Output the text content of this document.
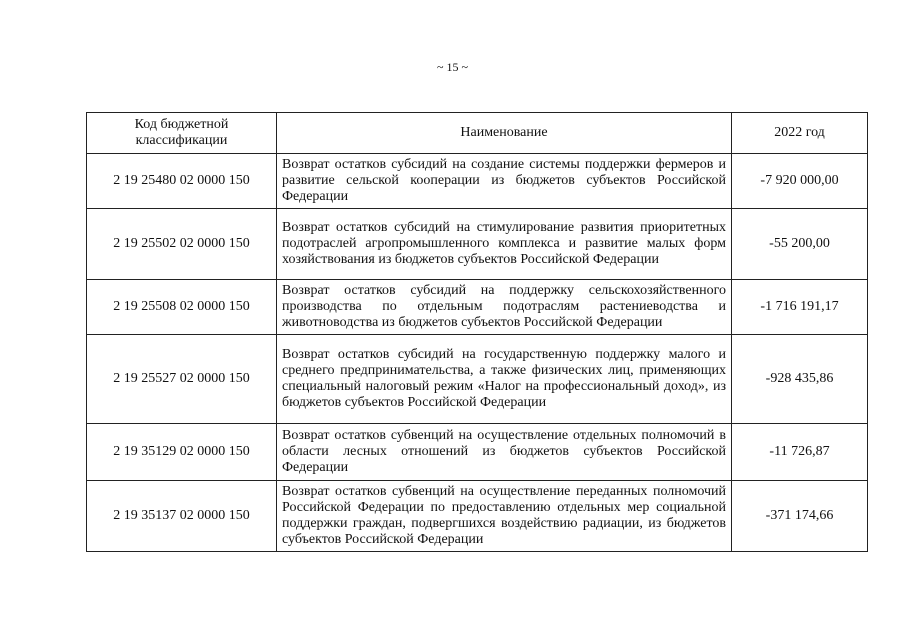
~ 15 ~
Код бюджетной классификации	Наименование	2022 год
2 19 25480 02 0000 150	Возврат остатков субсидий на создание системы поддержки фермеров и развитие сельской кооперации из бюджетов субъектов Российской Федерации	-7 920 000,00
2 19 25502 02 0000 150	Возврат остатков субсидий на стимулирование развития приоритетных подотраслей агропромышленного комплекса и развитие малых форм хозяйствования из бюджетов субъектов Российской Федерации	-55 200,00
2 19 25508 02 0000 150	Возврат остатков субсидий на поддержку сельскохозяйственного производства по отдельным подотраслям растениеводства и животноводства из бюджетов субъектов Российской Федерации	-1 716 191,17
2 19 25527 02 0000 150	Возврат остатков субсидий на государственную поддержку малого и среднего предпринимательства, а также физических лиц, применяющих специальный налоговый режим «Налог на профессиональный доход», из бюджетов субъектов Российской Федерации	-928 435,86
2 19 35129 02 0000 150	Возврат остатков субвенций на осуществление отдельных полномочий в области лесных отношений из бюджетов субъектов Российской Федерации	-11 726,87
2 19 35137 02 0000 150	Возврат остатков субвенций на осуществление переданных полномочий Российской Федерации по предоставлению отдельных мер социальной поддержки граждан, подвергшихся воздействию радиации, из бюджетов субъектов Российской Федерации	-371 174,66
